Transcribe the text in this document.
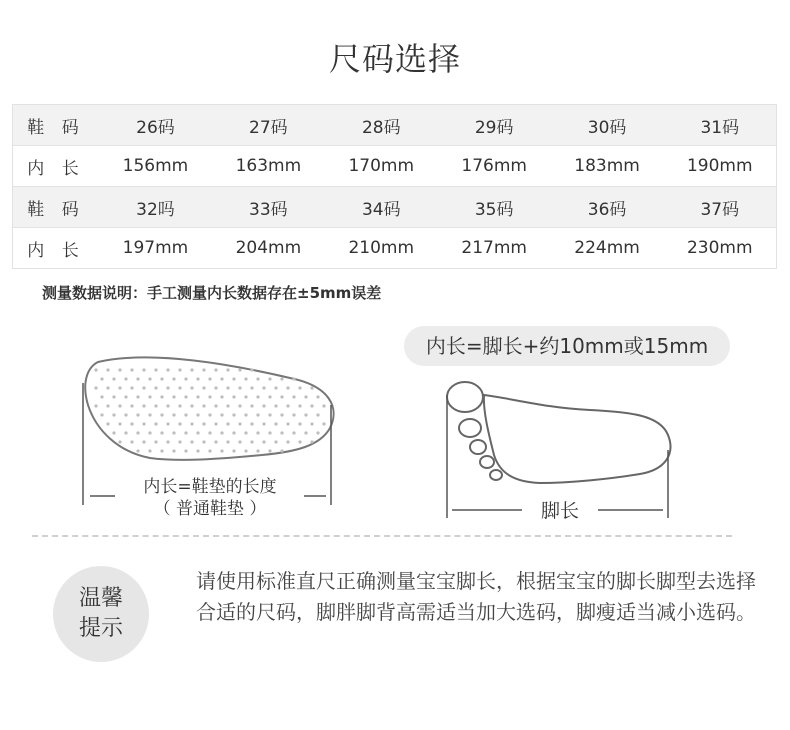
尺码选择
鞋 码	26码	27码	28码	29码	30码	31码
内 长	156mm	163mm	170mm	176mm	183mm	190mm
鞋 码	32吗	33码	34码	35码	36码	37码
内 长	197mm	204mm	210mm	217mm	224mm	230mm
测量数据说明：手工测量内长数据存在±5mm误差
内长=脚长+约10mm或15mm
内长=鞋垫的长度
（ 普通鞋垫 ）	脚长
温馨
提示
请使用标准直尺正确测量宝宝脚长，根据宝宝的脚长脚型去选择合适的尺码，脚胖脚背高需适当加大选码，脚瘦适当减小选码。
